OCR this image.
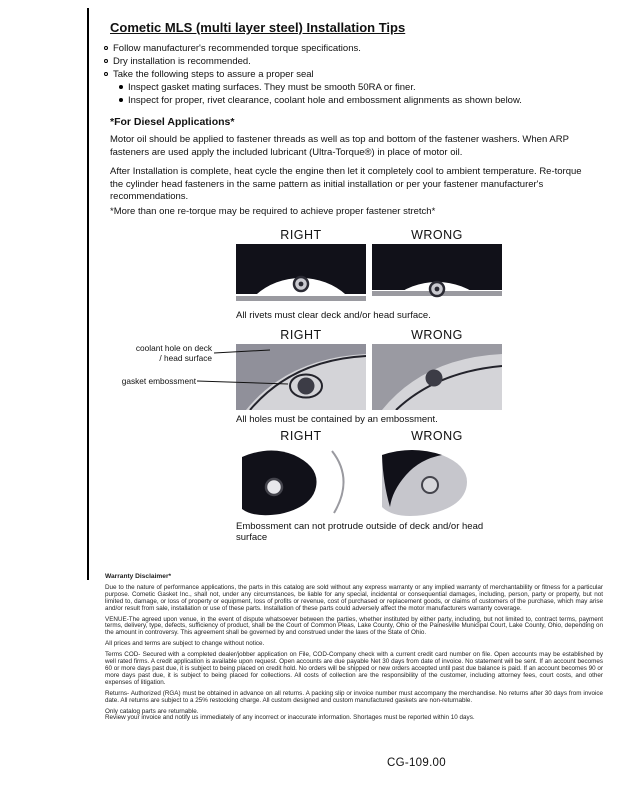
Cometic MLS (multi layer steel) Installation Tips
Follow manufacturer's recommended torque specifications.
Dry installation is recommended.
Take the following steps to assure a proper seal
Inspect gasket mating surfaces. They must be smooth 50RA or finer.
Inspect for proper, rivet clearance, coolant hole and embossment alignments as shown below.
*For Diesel Applications*
Motor oil should be applied to fastener threads as well as top and bottom of the fastener washers. When ARP fasteners are used apply the included lubricant (Ultra-Torque®) in place of motor oil.
After Installation is complete, heat cycle the engine then let it completely cool to ambient temperature. Re-torque the cylinder head fasteners in the same pattern as initial installation or per your fastener manufacturer's recommendations.
*More than one re-torque may be required to achieve proper fastener stretch*
RIGHT	WRONG
All rivets must clear deck and/or head surface.
RIGHT	WRONG
All holes must be contained by an embossment.
coolant hole on deck / head surface
gasket embossment
RIGHT	WRONG
Embossment can not protrude outside of deck and/or head surface
Warranty Disclaimer*

Due to the nature of performance applications, the parts in this catalog are sold without any express warranty or any implied warranty of merchantability or fitness for a particular purpose. Cometic Gasket Inc., shall not, under any circumstances, be liable for any special, incidental or consequential damages, including, person, party or property, but not limited to, damage, or loss of property or equipment, loss of profits or revenue, cost of purchased or replacement goods, or claims of customers of the purchase, which may arise and/or result from sale, installation or use of these parts. Installation of these parts could adversely affect the motor manufacturers warranty coverage.

VENUE-The agreed upon venue, in the event of dispute whatsoever between the parties, whether instituted by either party, including, but not limited to, contract terms, payment terms, delivery, type, defects, sufficiency of product, shall be the Court of Common Pleas, Lake County, Ohio or the Painesville Municipal Court, Lake County, Ohio, depending on the amount in controversy. This agreement shall be governed by and construed under the laws of the State of Ohio.

All prices and terms are subject to change without notice.

Terms COD- Secured with a completed dealer/jobber application on File, COD-Company check with a current credit card number on file. Open accounts may be established by well rated firms. A credit application is available upon request. Open accounts are due payable Net 30 days from date of invoice. No statement will be sent. If an account becomes 60 or more days past due, it is subject to being placed on credit hold. No orders will be shipped or new orders accepted until past due balance is paid. If an account becomes 90 or more days past due, it is subject to being placed for collections. All costs of collection are the responsibility of the customer, including attorney fees, court costs, and other expenses of litigation.

Returns- Authorized (RGA) must be obtained in advance on all returns. A packing slip or invoice number must accompany the merchandise. No returns after 30 days from invoice date. All returns are subject to a 25% restocking charge. All custom designed and custom manufactured gaskets are non-returnable.

Only catalog parts are returnable.

Review your invoice and notify us immediately of any incorrect or inaccurate information. Shortages must be reported within 10 days.

CG-109.00
